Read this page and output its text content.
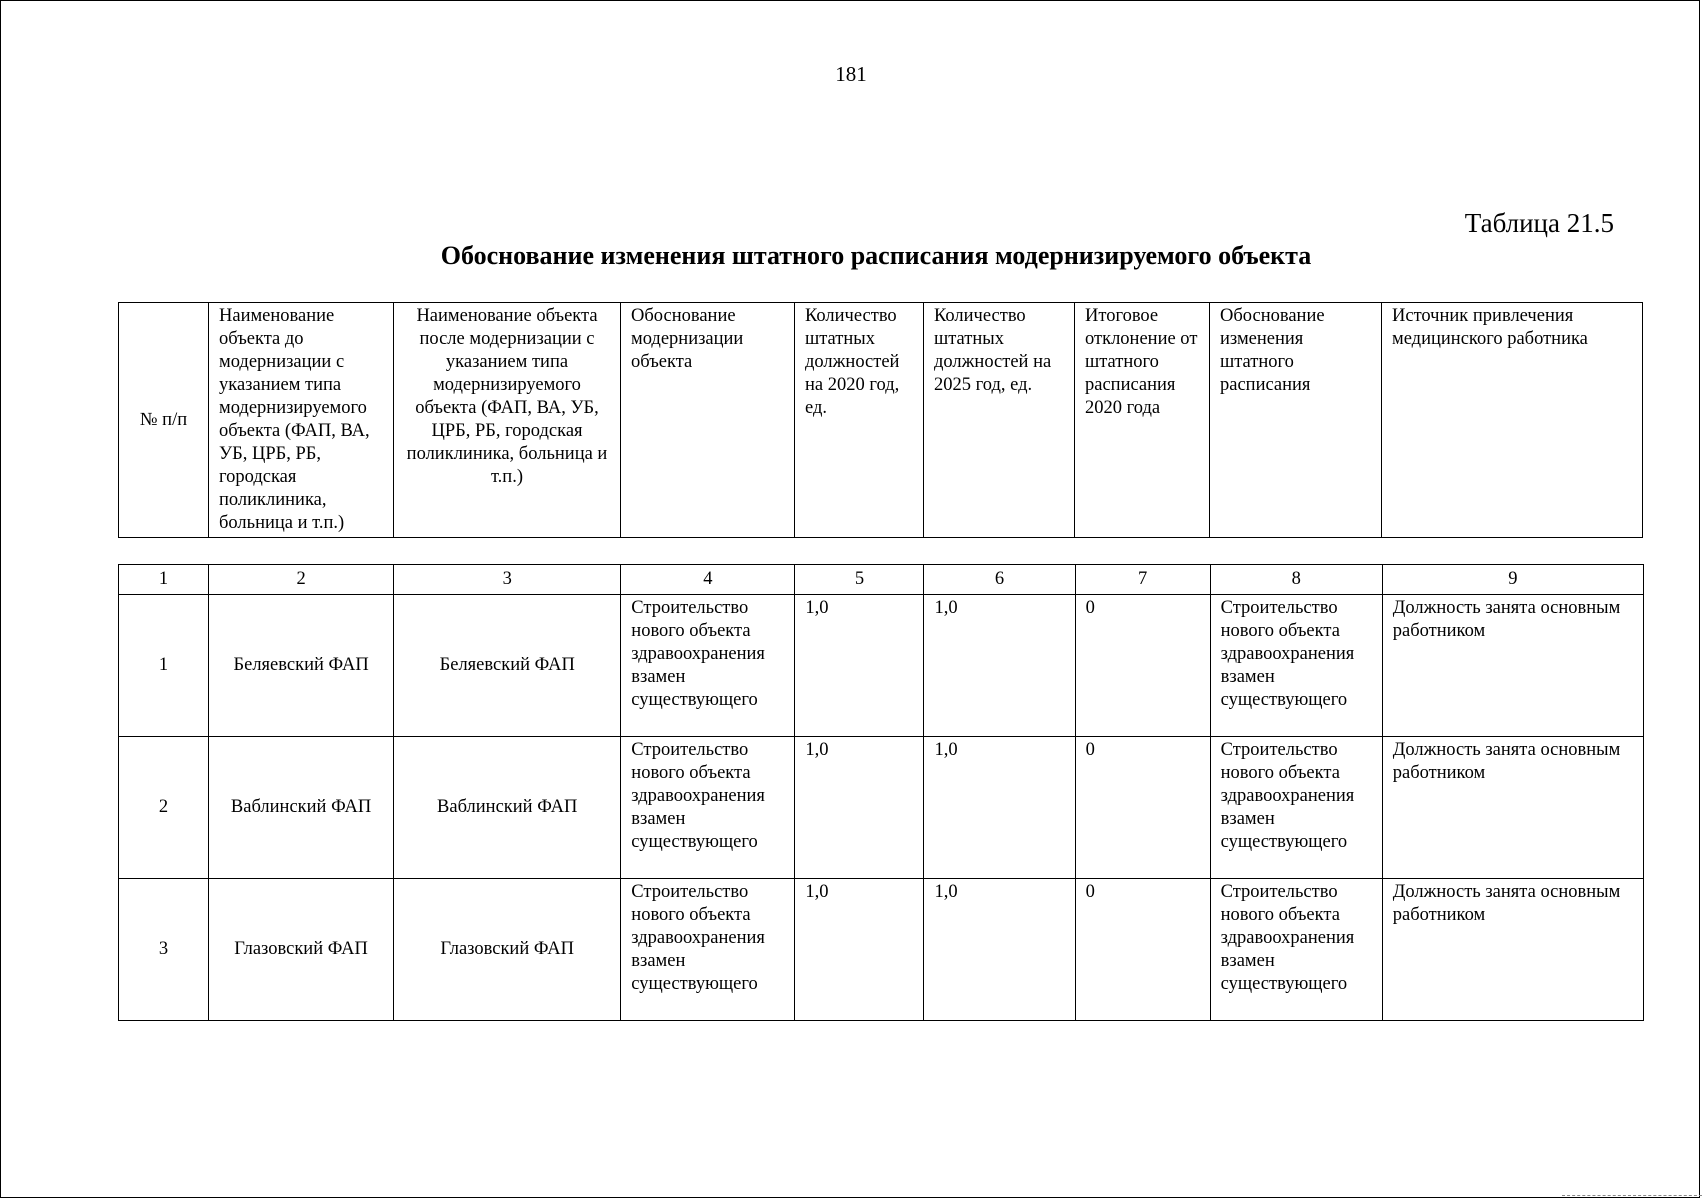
181
Таблица 21.5
Обоснование изменения штатного расписания модернизируемого объекта
№ п/п	Наименование объекта до модернизации с указанием типа модернизируемого объекта (ФАП, ВА, УБ, ЦРБ, РБ, городская поликлиника, больница и т.п.)	Наименование объекта после модернизации с указанием типа модернизируемого объекта (ФАП, ВА, УБ, ЦРБ, РБ, городская поликлиника, больница и т.п.)	Обоснование модернизации объекта	Количество штатных должностей на 2020 год, ед.	Количество штатных должностей на 2025 год, ед.	Итоговое отклонение от штатного расписания 2020 года	Обоснование изменения штатного расписания	Источник привлечения медицинского работника
1	2	3	4	5	6	7	8	9
1	Беляевский ФАП	Беляевский ФАП	Строительство нового объекта здравоохранения взамен существующего	1,0	1,0	0	Строительство нового объекта здравоохранения взамен существующего	Должность занята основным работником
2	Ваблинский ФАП	Ваблинский ФАП	Строительство нового объекта здравоохранения взамен существующего	1,0	1,0	0	Строительство нового объекта здравоохранения взамен существующего	Должность занята основным работником
3	Глазовский ФАП	Глазовский ФАП	Строительство нового объекта здравоохранения взамен существующего	1,0	1,0	0	Строительство нового объекта здравоохранения взамен существующего	Должность занята основным работником
